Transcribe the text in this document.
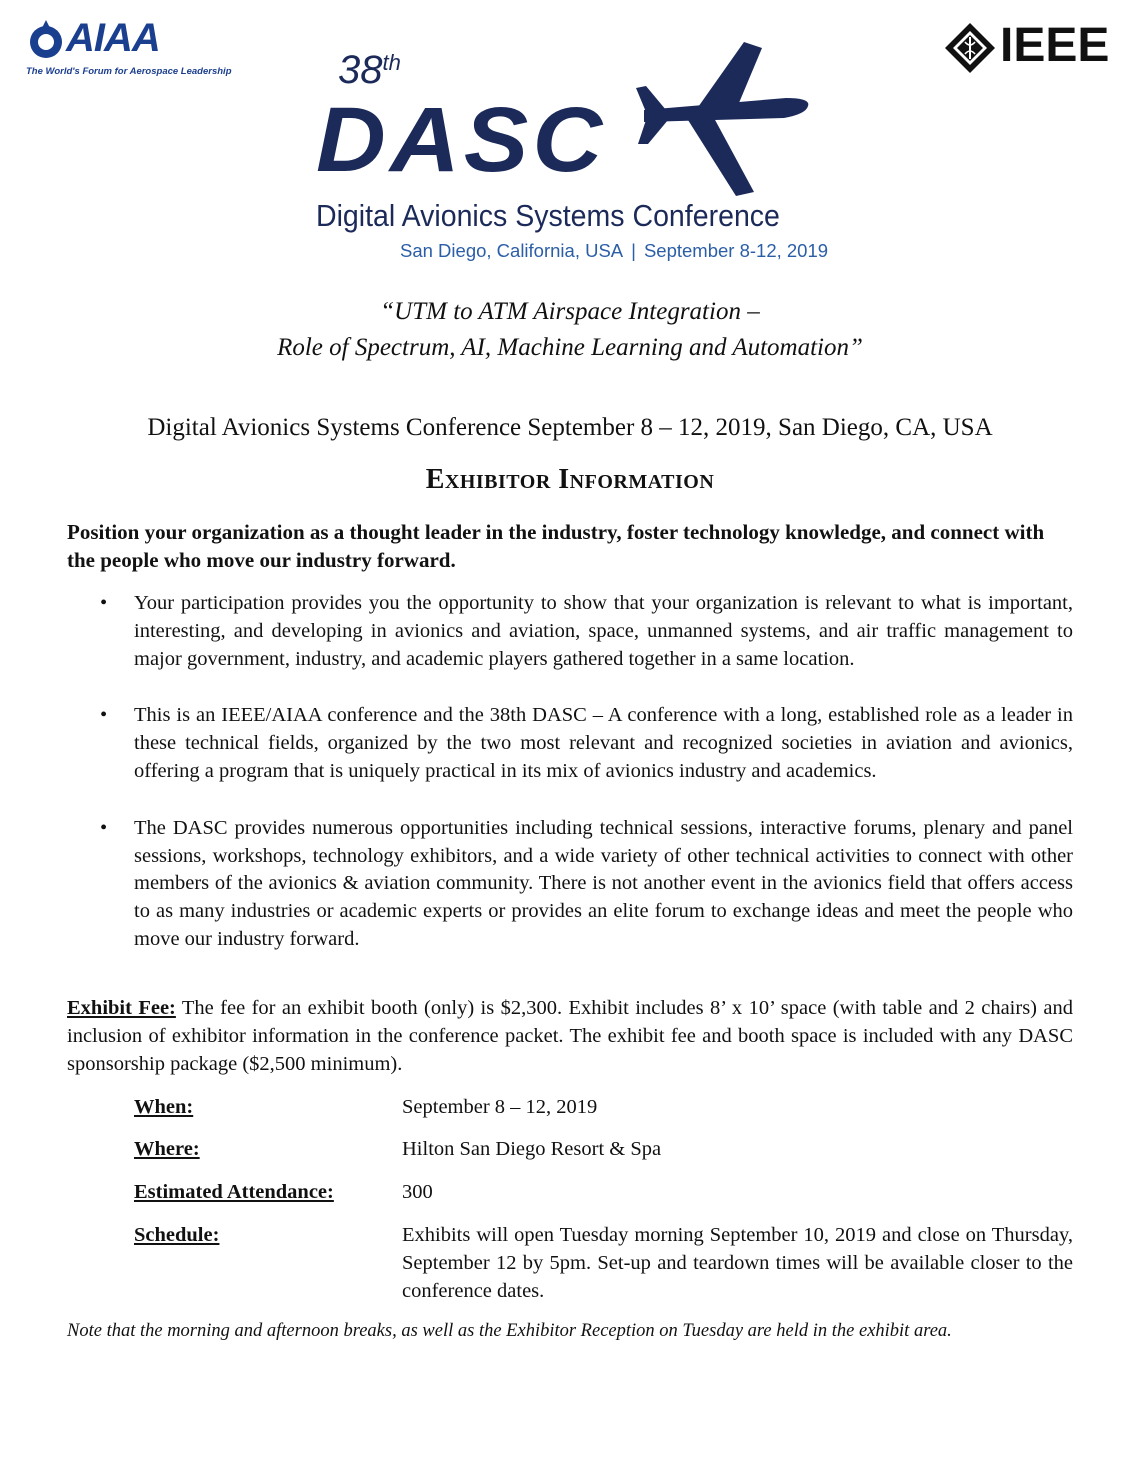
AIAA
The World's Forum for Aerospace Leadership	IEEE
38th
DASC
Digital Avionics Systems Conference
San Diego, California, USA | September 8-12, 2019
“UTM to ATM Airspace Integration –
Role of Spectrum, AI, Machine Learning and Automation”
Digital Avionics Systems Conference September 8 – 12, 2019, San Diego, CA, USA
Exhibitor Information
Position your organization as a thought leader in the industry, foster technology knowledge, and connect with the people who move our industry forward.
• Your participation provides you the opportunity to show that your organization is relevant to what is important, interesting, and developing in avionics and aviation, space, unmanned systems, and air traffic management to major government, industry, and academic players gathered together in a same location.
• This is an IEEE/AIAA conference and the 38th DASC – A conference with a long, established role as a leader in these technical fields, organized by the two most relevant and recognized societies in aviation and avionics, offering a program that is uniquely practical in its mix of avionics industry and academics.
• The DASC provides numerous opportunities including technical sessions, interactive forums, plenary and panel sessions, workshops, technology exhibitors, and a wide variety of other technical activities to connect with other members of the avionics & aviation community. There is not another event in the avionics field that offers access to as many industries or academic experts or provides an elite forum to exchange ideas and meet the people who move our industry forward.
Exhibit Fee: The fee for an exhibit booth (only) is $2,300. Exhibit includes 8’ x 10’ space (with table and 2 chairs) and inclusion of exhibitor information in the conference packet. The exhibit fee and booth space is included with any DASC sponsorship package ($2,500 minimum).
When:	September 8 – 12, 2019
Where:	Hilton San Diego Resort & Spa
Estimated Attendance:	300
Schedule:	Exhibits will open Tuesday morning September 10, 2019 and close on Thursday, September 12 by 5pm. Set-up and teardown times will be available closer to the conference dates.
Note that the morning and afternoon breaks, as well as the Exhibitor Reception on Tuesday are held in the exhibit area.
